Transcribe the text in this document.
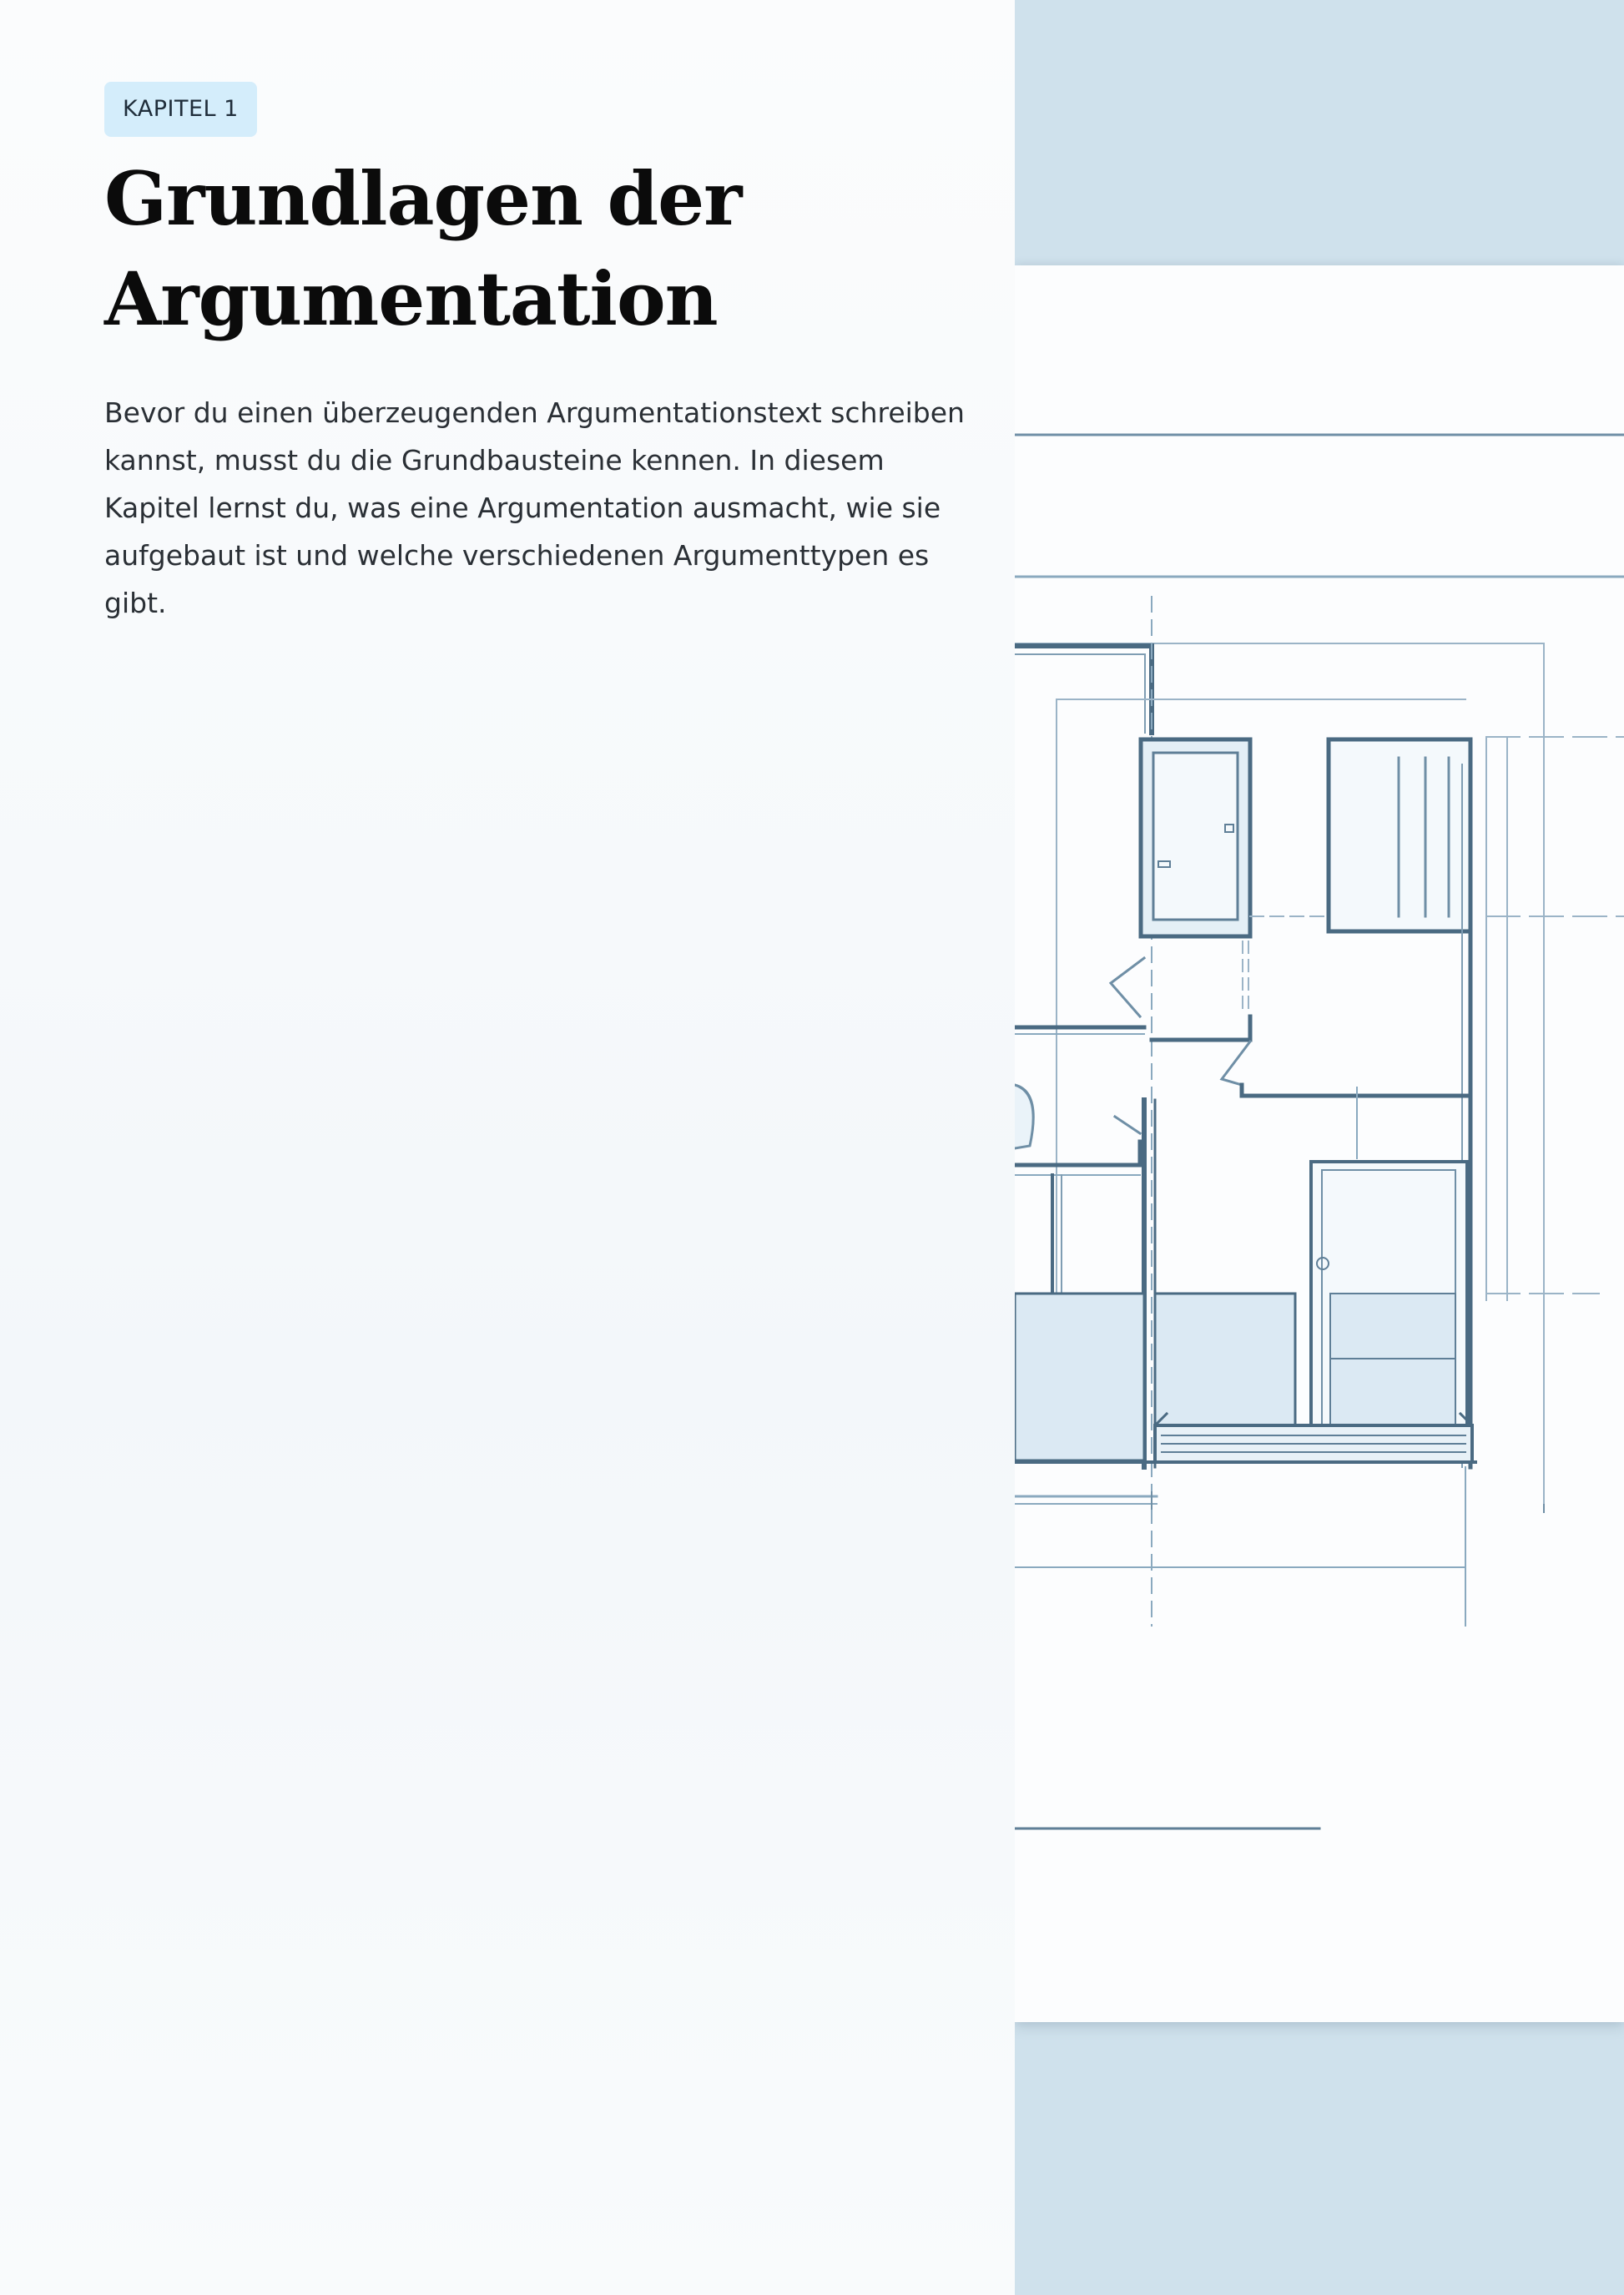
KAPITEL 1
Grundlagen der Argumentation

Bevor du einen überzeugenden Argumentationstext schreiben kannst, musst du die Grundbausteine kennen. In diesem Kapitel lernst du, was eine Argumentation ausmacht, wie sie aufgebaut ist und welche verschiedenen Argumenttypen es gibt.
